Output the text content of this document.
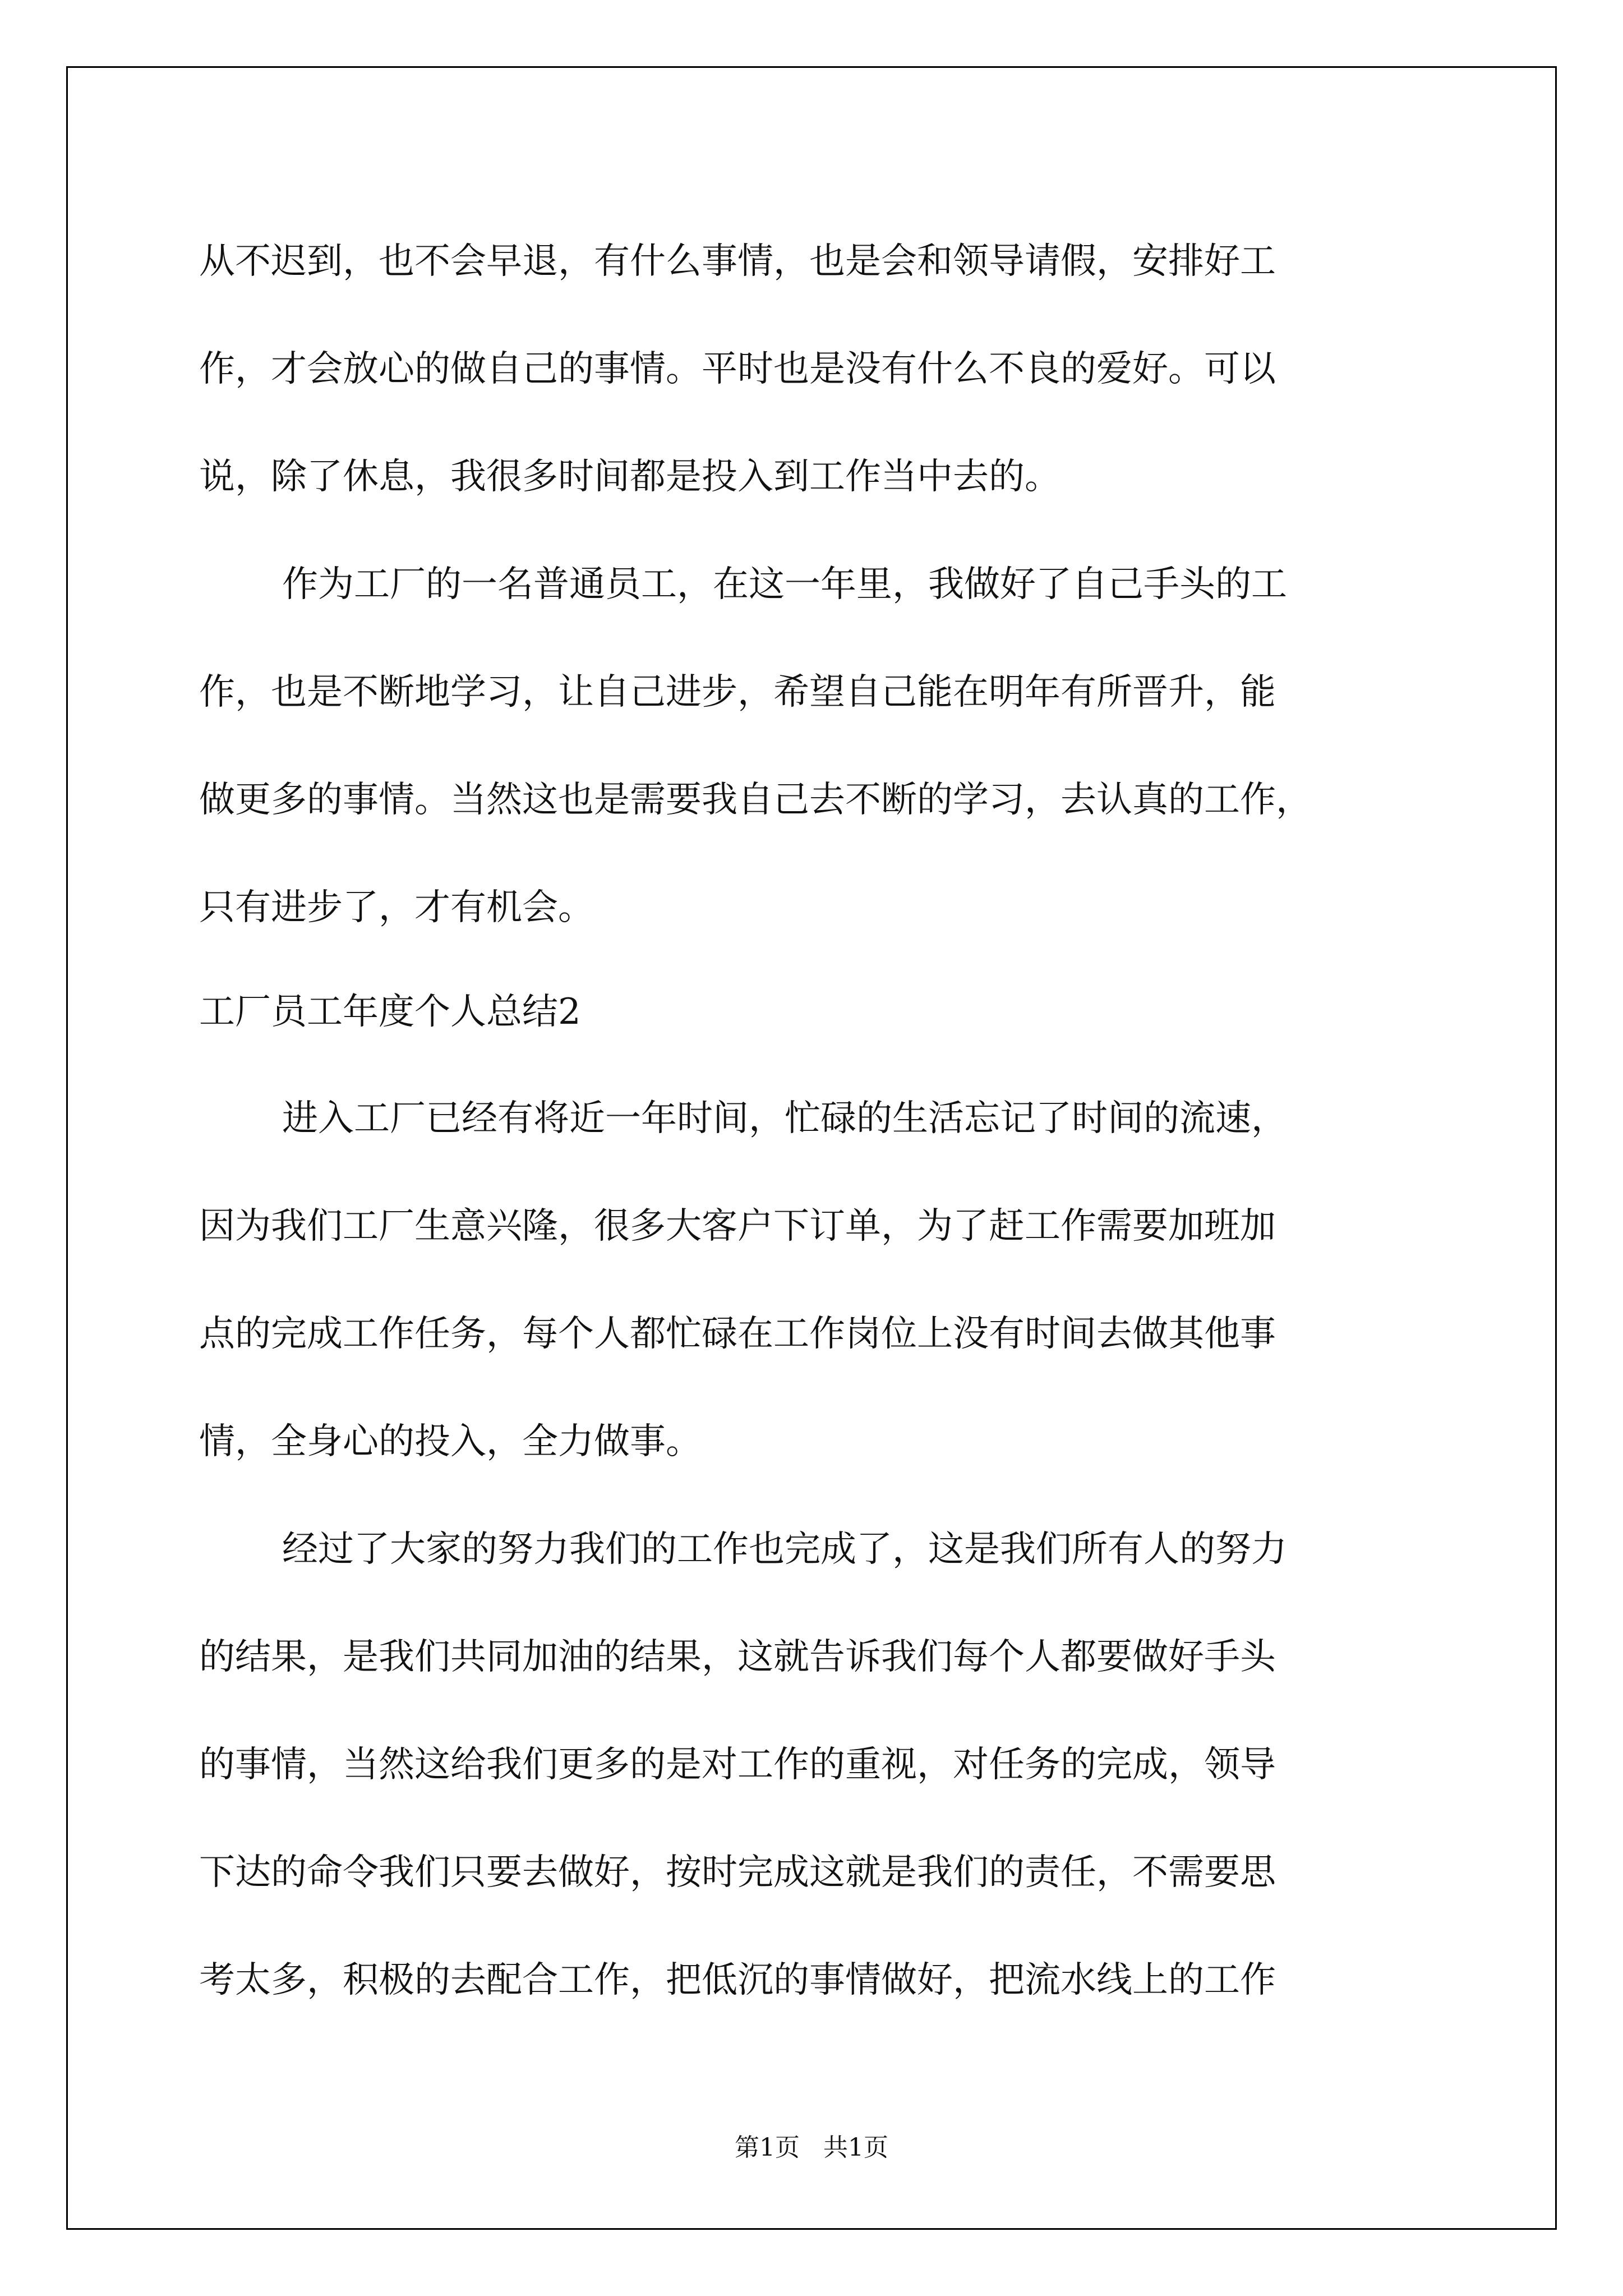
从不迟到，也不会早退，有什么事情，也是会和领导请假，安排好工
作，才会放心的做自己的事情。平时也是没有什么不良的爱好。可以
说，除了休息，我很多时间都是投入到工作当中去的。
作为工厂的一名普通员工，在这一年里，我做好了自己手头的工
作，也是不断地学习，让自己进步，希望自己能在明年有所晋升，能
做更多的事情。当然这也是需要我自己去不断的学习，去认真的工作，
只有进步了，才有机会。
工厂员工年度个人总结2
进入工厂已经有将近一年时间，忙碌的生活忘记了时间的流速，
因为我们工厂生意兴隆，很多大客户下订单，为了赶工作需要加班加
点的完成工作任务，每个人都忙碌在工作岗位上没有时间去做其他事
情，全身心的投入，全力做事。
经过了大家的努力我们的工作也完成了，这是我们所有人的努力
的结果，是我们共同加油的结果，这就告诉我们每个人都要做好手头
的事情，当然这给我们更多的是对工作的重视，对任务的完成，领导
下达的命令我们只要去做好，按时完成这就是我们的责任，不需要思
考太多，积极的去配合工作，把低沉的事情做好，把流水线上的工作
第1页   共1页
